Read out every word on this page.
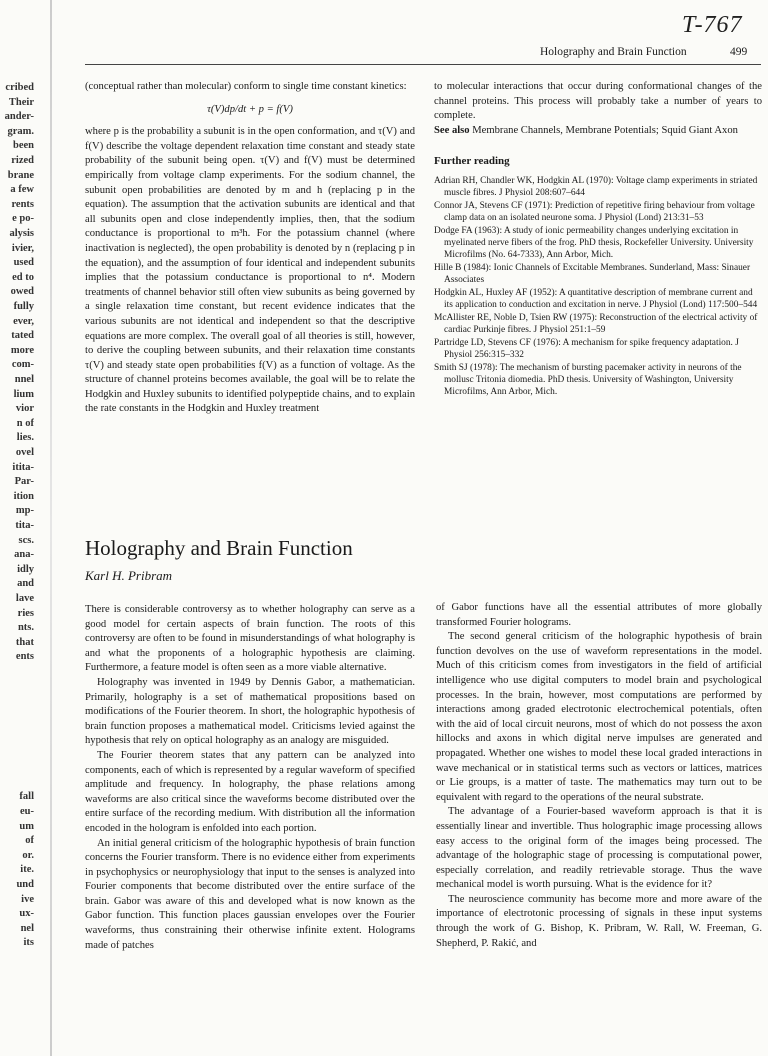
cribed
Their
ander-
gram.
been
rized
brane
a few
rents
e po-
alysis
ivier,
used
ed to
owed
fully
ever,
tated
more
com-
nnel
lium
vior
n of
lies.
ovel
itita-
Par-
ition
mp-
tita-
scs.
ana-
idly
and
lave
ries
nts.
that
ents
fall
eu-
um
of
or.
ite.
und
ive
ux-
nel
its
T-767
Holography and Brain Function	499

(conceptual rather than molecular) conform to single time constant kinetics:

τ(V)dp/dt + p = f(V)

where p is the probability a subunit is in the open conformation, and τ(V) and f(V) describe the voltage dependent relaxation time constant and steady state probability of the subunit being open. τ(V) and f(V) must be determined empirically from voltage clamp experiments. For the sodium channel, the subunit open probabilities are denoted by m and h (replacing p in the equation). The assumption that the activation subunits are identical and that all subunits open and close independently implies, then, that the sodium conductance is proportional to m³h. For the potassium channel (where inactivation is neglected), the open probability is denoted by n (replacing p in the equation), and the assumption of four identical and independent subunits implies that the potassium conductance is proportional to n⁴. Modern treatments of channel behavior still often view subunits as being governed by a single relaxation time constant, but recent evidence indicates that the various subunits are not identical and independent so that the descriptive equations are more complex. The overall goal of all theories is still, however, to derive the coupling between subunits, and their relaxation time constants τ(V) and steady state open probabilities f(V) as a function of voltage. As the structure of channel proteins becomes available, the goal will be to relate the Hodgkin and Huxley subunits to identified polypeptide chains, and to explain the rate constants in the Hodgkin and Huxley treatment

to molecular interactions that occur during conformational changes of the channel proteins. This process will probably take a number of years to complete.

See also Membrane Channels, Membrane Potentials; Squid Giant Axon

Further reading
Adrian RH, Chandler WK, Hodgkin AL (1970): Voltage clamp experiments in striated muscle fibres. J Physiol 208:607–644
Connor JA, Stevens CF (1971): Prediction of repetitive firing behaviour from voltage clamp data on an isolated neurone soma. J Physiol (Lond) 213:31–53
Dodge FA (1963): A study of ionic permeability changes underlying excitation in myelinated nerve fibers of the frog. PhD thesis, Rockefeller University. University Microfilms (No. 64-7333), Ann Arbor, Mich.
Hille B (1984): Ionic Channels of Excitable Membranes. Sunderland, Mass: Sinauer Associates
Hodgkin AL, Huxley AF (1952): A quantitative description of membrane current and its application to conduction and excitation in nerve. J Physiol (Lond) 117:500–544
McAllister RE, Noble D, Tsien RW (1975): Reconstruction of the electrical activity of cardiac Purkinje fibres. J Physiol 251:1–59
Partridge LD, Stevens CF (1976): A mechanism for spike frequency adaptation. J Physiol 256:315–332
Smith SJ (1978): The mechanism of bursting pacemaker activity in neurons of the mollusc Tritonia diomedia. PhD thesis. University of Washington, University Microfilms, Ann Arbor, Mich.
Holography and Brain Function
Karl H. Pribram

There is considerable controversy as to whether holography can serve as a good model for certain aspects of brain function. The roots of this controversy are often to be found in misunderstandings of what holography is and what the proponents of a holographic hypothesis are claiming. Furthermore, a feature model is often seen as a more viable alternative.

Holography was invented in 1949 by Dennis Gabor, a mathematician. Primarily, holography is a set of mathematical propositions based on modifications of the Fourier theorem. In short, the holographic hypothesis of brain function proposes a mathematical model. Criticisms levied against the hypothesis that rely on optical holography as an analogy are misguided.

The Fourier theorem states that any pattern can be analyzed into components, each of which is represented by a regular waveform of specified amplitude and frequency. In holography, the phase relations among waveforms are also critical since the waveforms become distributed over the entire surface of the recording medium. With distribution all the information encoded in the hologram is enfolded into each portion.

An initial general criticism of the holographic hypothesis of brain function concerns the Fourier transform. There is no evidence either from experiments in psychophysics or neurophysiology that input to the senses is analyzed into Fourier components that become distributed over the entire surface of the brain. Gabor was aware of this and developed what is now known as the Gabor function. This function places gaussian envelopes over the Fourier waveforms, thus constraining their otherwise infinite extent. Holograms made of patches

of Gabor functions have all the essential attributes of more globally transformed Fourier holograms.

The second general criticism of the holographic hypothesis of brain function devolves on the use of waveform representations in the model. Much of this criticism comes from investigators in the field of artificial intelligence who use digital computers to model brain and psychological processes. In the brain, however, most computations are performed by interactions among graded electrotonic electrochemical potentials, often with the aid of local circuit neurons, most of which do not possess the axon hillocks and axons in which digital nerve impulses are generated and propagated. Whether one wishes to model these local graded interactions in wave mechanical or in statistical terms such as vectors or lattices, matrices or Lie groups, is a matter of taste. The mathematics may turn out to be equivalent with regard to the operations of the neural substrate.

The advantage of a Fourier-based waveform approach is that it is essentially linear and invertible. Thus holographic image processing allows easy access to the original form of the images being processed. The advantage of the holographic stage of processing is computational power, especially correlation, and readily retrievable storage. Thus the wave mechanical model is worth pursuing. What is the evidence for it?

The neuroscience community has become more and more aware of the importance of electrotonic processing of signals in these input systems through the work of G. Bishop, K. Pribram, W. Rall, W. Freeman, G. Shepherd, P. Rakić, and
